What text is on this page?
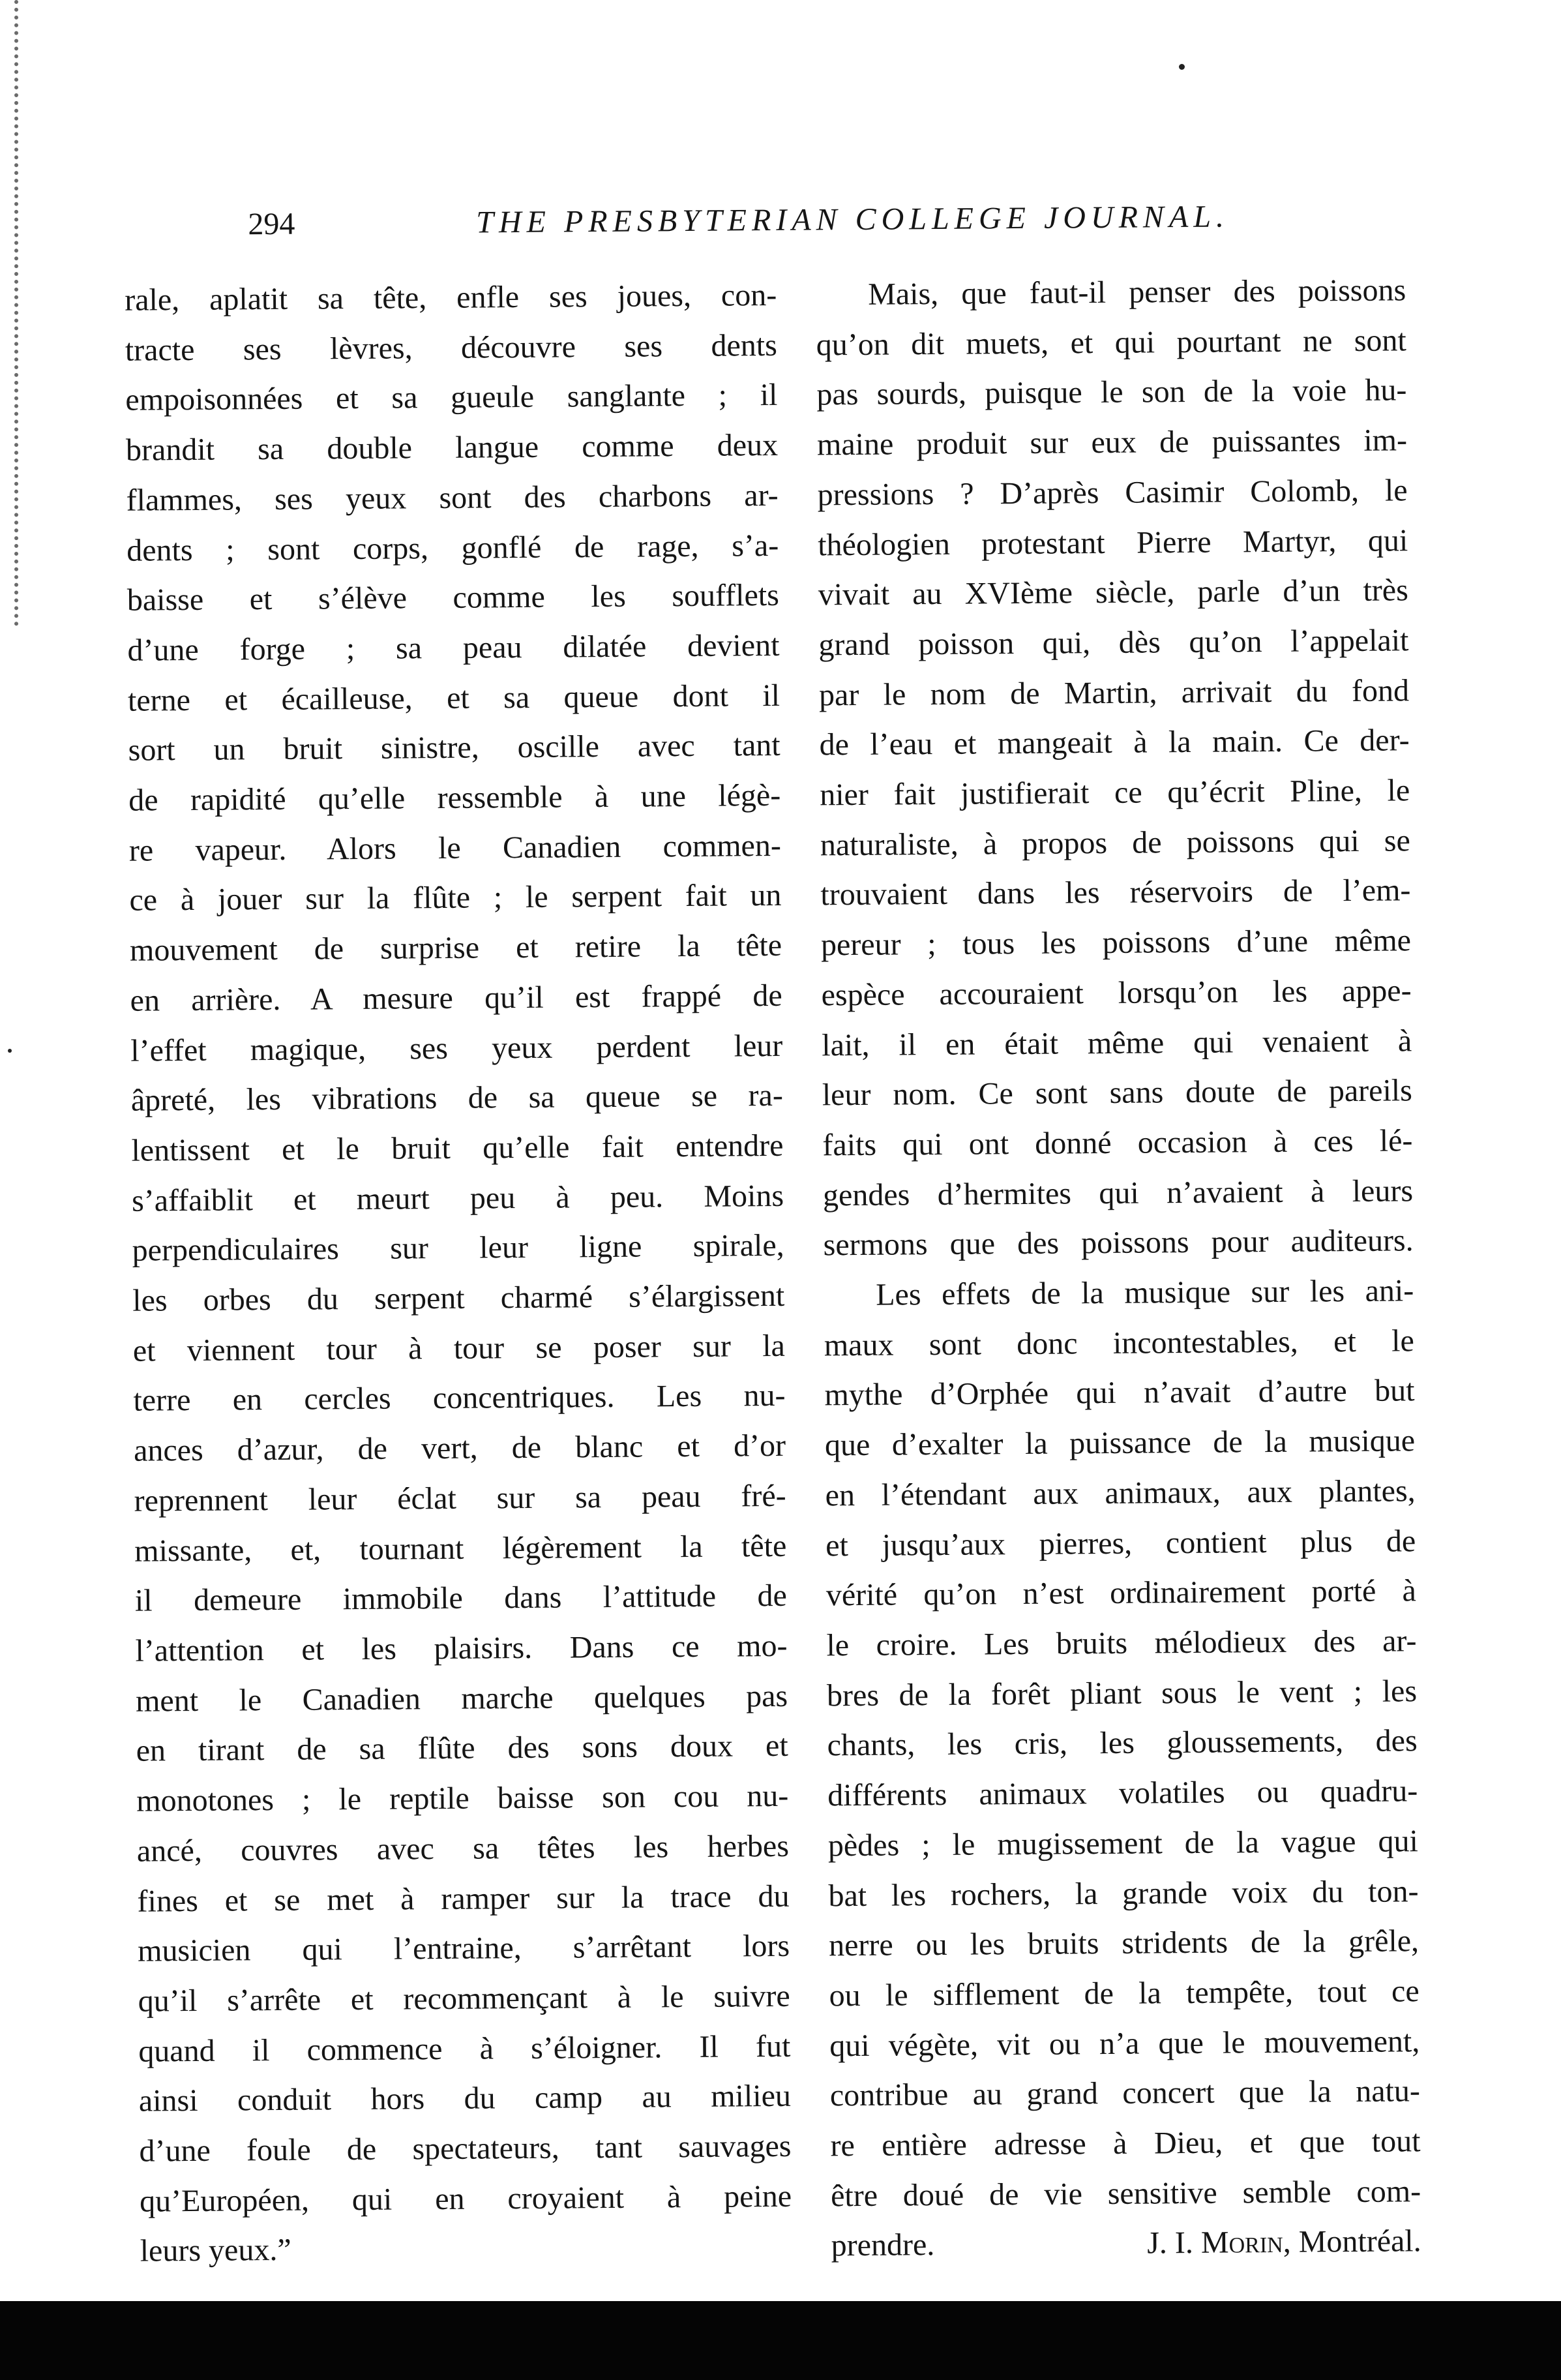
294	THE PRESBYTERIAN COLLEGE JOURNAL.

rale, aplatit sa tête, enfle ses joues, con-

tracte ses lèvres, découvre ses dents

empoisonnées et sa gueule sanglante ; il

brandit sa double langue comme deux

flammes, ses yeux sont des charbons ar-

dents ; sont corps, gonflé de rage, s’a-

baisse et s’élève comme les soufflets

d’une forge ; sa peau dilatée devient

terne et écailleuse, et sa queue dont il

sort un bruit sinistre, oscille avec tant

de rapidité qu’elle ressemble à une légè-

re vapeur. Alors le Canadien commen-

ce à jouer sur la flûte ; le serpent fait un

mouvement de surprise et retire la tête

en arrière. A mesure qu’il est frappé de

l’effet magique, ses yeux perdent leur

âpreté, les vibrations de sa queue se ra-

lentissent et le bruit qu’elle fait entendre

s’affaiblit et meurt peu à peu. Moins

perpendiculaires sur leur ligne spirale,

les orbes du serpent charmé s’élargissent

et viennent tour à tour se poser sur la

terre en cercles concentriques. Les nu-

ances d’azur, de vert, de blanc et d’or

reprennent leur éclat sur sa peau fré-

missante, et, tournant légèrement la tête

il demeure immobile dans l’attitude de

l’attention et les plaisirs. Dans ce mo-

ment le Canadien marche quelques pas

en tirant de sa flûte des sons doux et

monotones ; le reptile baisse son cou nu-

ancé, couvres avec sa têtes les herbes

fines et se met à ramper sur la trace du

musicien qui l’entraine, s’arrêtant lors

qu’il s’arrête et recommençant à le suivre

quand il commence à s’éloigner. Il fut

ainsi conduit hors du camp au milieu

d’une foule de spectateurs, tant sauvages

qu’Européen, qui en croyaient à peine

leurs yeux.”

Mais, que faut-il penser des poissons

qu’on dit muets, et qui pourtant ne sont

pas sourds, puisque le son de la voie hu-

maine produit sur eux de puissantes im-

pressions ? D’après Casimir Colomb, le

théologien protestant Pierre Martyr, qui

vivait au XVIème siècle, parle d’un très

grand poisson qui, dès qu’on l’appelait

par le nom de Martin, arrivait du fond

de l’eau et mangeait à la main. Ce der-

nier fait justifierait ce qu’écrit Pline, le

naturaliste, à propos de poissons qui se

trouvaient dans les réservoirs de l’em-

pereur ; tous les poissons d’une même

espèce accouraient lorsqu’on les appe-

lait, il en était même qui venaient à

leur nom. Ce sont sans doute de pareils

faits qui ont donné occasion à ces lé-

gendes d’hermites qui n’avaient à leurs

sermons que des poissons pour auditeurs.

Les effets de la musique sur les ani-

maux sont donc incontestables, et le

mythe d’Orphée qui n’avait d’autre but

que d’exalter la puissance de la musique

en l’étendant aux animaux, aux plantes,

et jusqu’aux pierres, contient plus de

vérité qu’on n’est ordinairement porté à

le croire. Les bruits mélodieux des ar-

bres de la forêt pliant sous le vent ; les

chants, les cris, les gloussements, des

différents animaux volatiles ou quadru-

pèdes ; le mugissement de la vague qui

bat les rochers, la grande voix du ton-

nerre ou les bruits stridents de la grêle,

ou le sifflement de la tempête, tout ce

qui végète, vit ou n’a que le mouvement,

contribue au grand concert que la natu-

re entière adresse à Dieu, et que tout

être doué de vie sensitive semble com-

prendre.	J. I. Morin, Montréal.
